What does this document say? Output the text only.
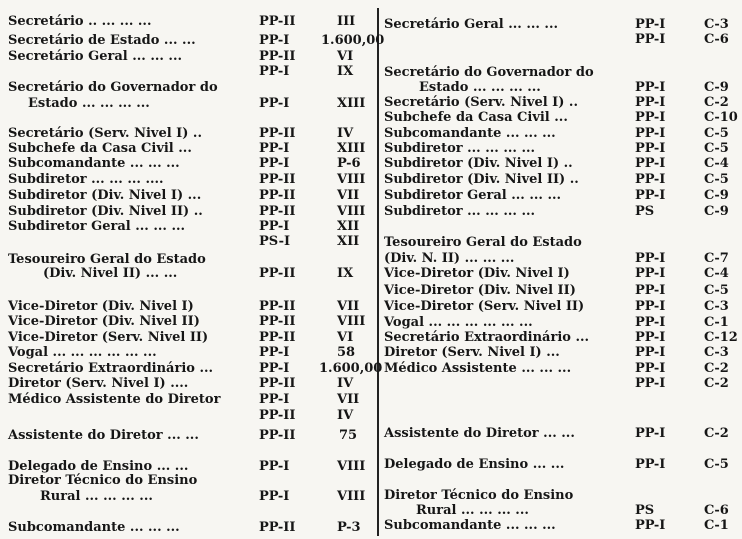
Secretário .. ... ... ...	PP-II	III
Secretário de Estado ... ...	PP-I 1.600,00
Secretário Geral ... ... ...	PP-II	VI
PP-I	IX
Secretário do Governador do
Estado ... ... ... ...	PP-I	XIII
Secretário (Serv. Nivel I) ..	PP-II	IV
Subchefe da Casa Civil ...	PP-I	XIII
Subcomandante ... ... ...	PP-I	P-6
Subdiretor ... ... ... ....	PP-II	VIII
Subdiretor (Div. Nivel I) ...	PP-II	VII
Subdiretor (Div. Nivel II) ..	PP-II	VIII
Subdiretor Geral ... ... ...	PP-I	XII
PS-I	XII
Tesoureiro Geral do Estado
(Div. Nivel II) ... ...	PP-II	IX
Vice-Diretor (Div. Nivel I)	PP-II	VII
Vice-Diretor (Div. Nivel II)	PP-II	VIII
Vice-Diretor (Serv. Nivel II)	PP-II	VI
Vogal ... ... ... ... ... ...	PP-I	58
Secretário Extraordinário ...	PP-I 1.600,00
Diretor (Serv. Nivel I) ....	PP-II	IV
Médico Assistente do Diretor	PP-I	VII
PP-II	IV
Assistente do Diretor ... ...	PP-II	75
Delegado de Ensino ... ...	PP-I	VIII
Diretor Técnico do Ensino
Rural ... ... ... ...	PP-I	VIII
Subcomandante ... ... ...	PP-II	P-3
Secretário Geral ... ... ...	PP-I	C-3
PP-I	C-6
Secretário do Governador do
Estado ... ... ... ...	PP-I	C-9
Secretário (Serv. Nivel I) ..	PP-I	C-2
Subchefe da Casa Civil ...	PP-I	C-10
Subcomandante ... ... ...	PP-I	C-5
Subdiretor ... ... ... ...	PP-I	C-5
Subdiretor (Div. Nivel I) ..	PP-I	C-4
Subdiretor (Div. Nivel II) ..	PP-I	C-5
Subdiretor Geral ... ... ...	PP-I	C-9
Subdiretor ... ... ... ...	PS	C-9
Tesoureiro Geral do Estado
(Div. N. II) ... ... ...	PP-I	C-7
Vice-Diretor (Div. Nivel I)	PP-I	C-4
Vice-Diretor (Div. Nivel II)	PP-I	C-5
Vice-Diretor (Serv. Nivel II)	PP-I	C-3
Vogal ... ... ... ... ... ...	PP-I	C-1
Secretário Extraordinário ...	PP-I	C-12
Diretor (Serv. Nivel I) ...	PP-I	C-3
Médico Assistente ... ... ...	PP-I	C-2
PP-I	C-2
Assistente do Diretor ... ...	PP-I	C-2
Delegado de Ensino ... ...	PP-I	C-5
Diretor Técnico do Ensino
Rural ... ... ... ...	PS	C-6
Subcomandante ... ... ...	PP-I	C-1
